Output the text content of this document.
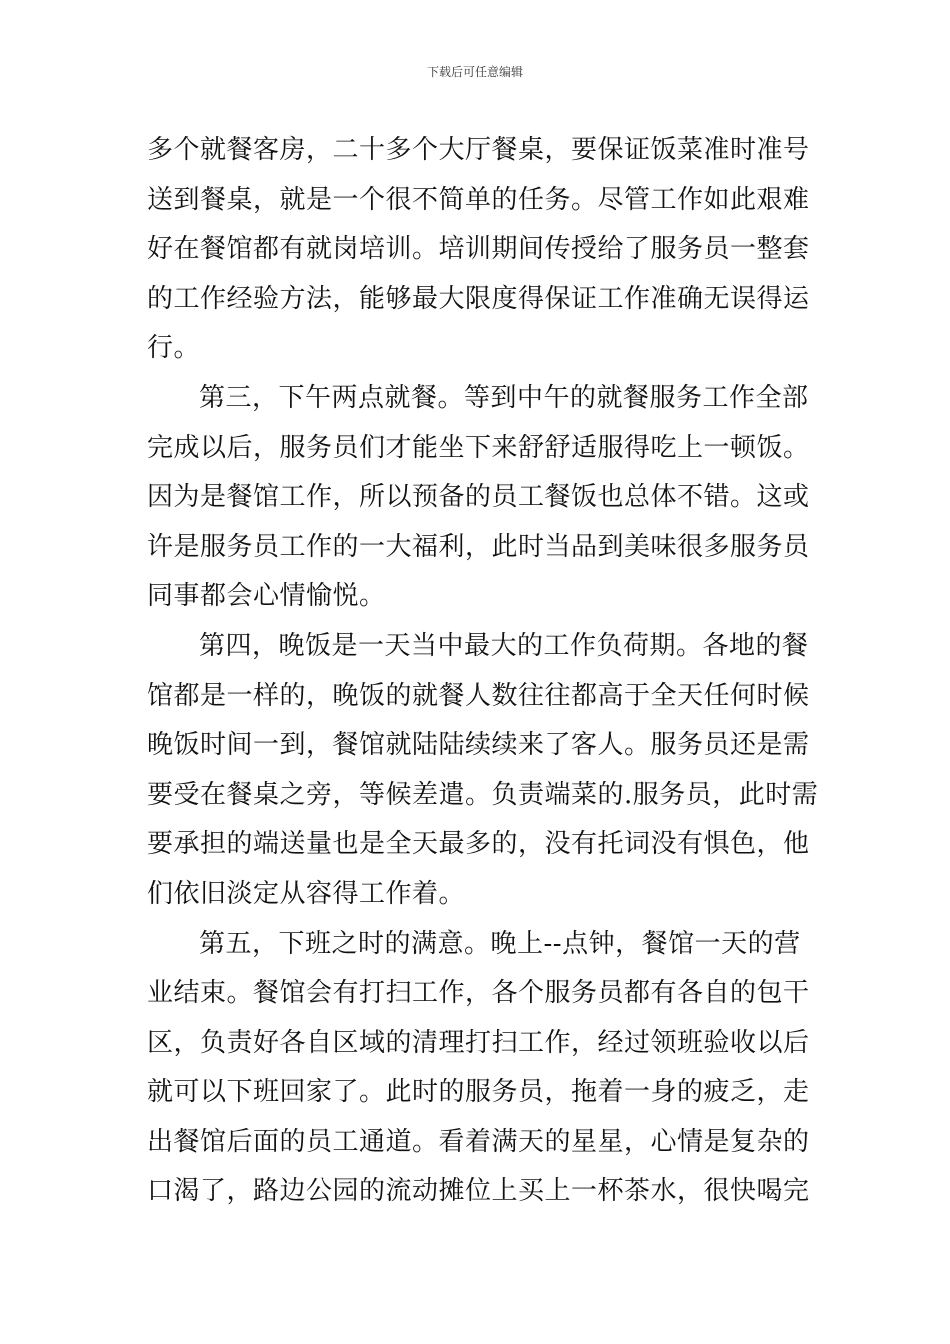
下载后可任意编辑
多个就餐客房，二十多个大厅餐桌，要保证饭菜准时准号
送到餐桌，就是一个很不简单的任务。尽管工作如此艰难
好在餐馆都有就岗培训。培训期间传授给了服务员一整套
的工作经验方法，能够最大限度得保证工作准确无误得运
行。
第三，下午两点就餐。等到中午的就餐服务工作全部
完成以后，服务员们才能坐下来舒舒适服得吃上一顿饭。
因为是餐馆工作，所以预备的员工餐饭也总体不错。这或
许是服务员工作的一大福利，此时当品到美味很多服务员
同事都会心情愉悦。
第四，晚饭是一天当中最大的工作负荷期。各地的餐
馆都是一样的，晚饭的就餐人数往往都高于全天任何时候
晚饭时间一到，餐馆就陆陆续续来了客人。服务员还是需
要受在餐桌之旁，等候差遣。负责端菜的.服务员，此时需
要承担的端送量也是全天最多的，没有托词没有惧色，他
们依旧淡定从容得工作着。
第五，下班之时的满意。晚上--点钟，餐馆一天的营
业结束。餐馆会有打扫工作，各个服务员都有各自的包干
区，负责好各自区域的清理打扫工作，经过领班验收以后
就可以下班回家了。此时的服务员，拖着一身的疲乏，走
出餐馆后面的员工通道。看着满天的星星，心情是复杂的
口渴了，路边公园的流动摊位上买上一杯茶水，很快喝完
